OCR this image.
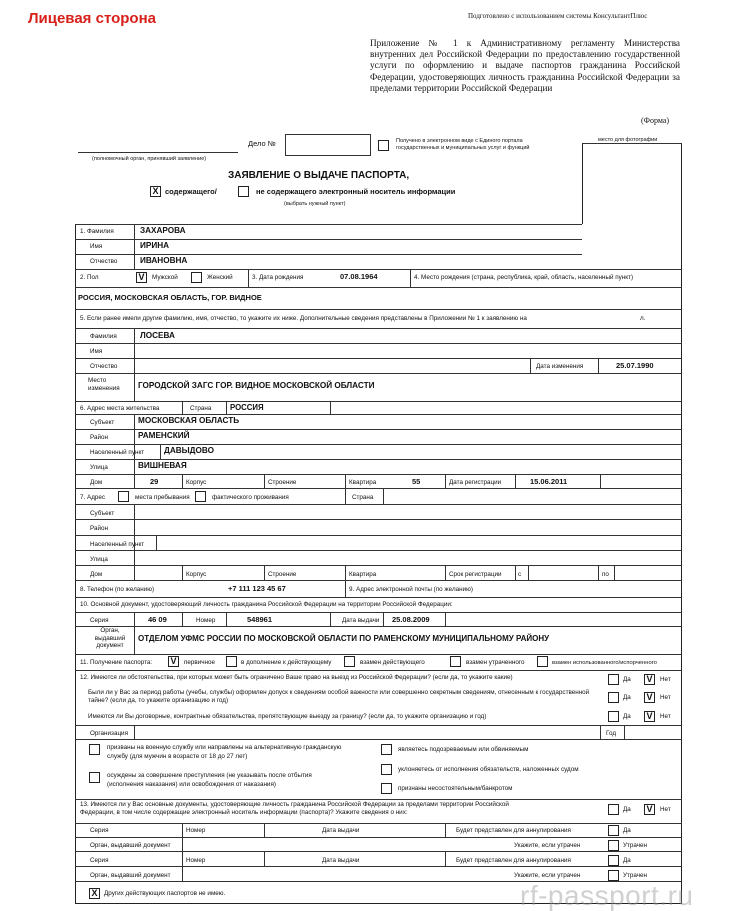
Лицевая сторона	Подготовлено с использованием системы КонсультантПлюс
Приложение № 1 к Административному регламенту Министерства внутренних дел Российской Федерации по предоставлению государственной услуги по оформлению и выдаче паспортов гражданина Российской Федерации, удостоверяющих личность гражданина Российской Федерации за пределами территории Российской Федерации
(Форма)
(полномочный орган, принявший заявление)
Дело №	Получено в электронном виде с Единого портала государственных и муниципальных услуг и функций
место для фотографии
ЗАЯВЛЕНИЕ О ВЫДАЧЕ ПАСПОРТА,
X содержащего/	не содержащего электронный носитель информации
(выбрать нужный пункт)
1. Фамилия	ЗАХАРОВА
Имя	ИРИНА
Отчество	ИВАНОВНА
2. Пол	V	Мужской	Женский	3. Дата рождения	07.08.1964	4. Место рождения (страна, республика, край, область, населенный пункт)
РОССИЯ, МОСКОВСКАЯ ОБЛАСТЬ, ГОР. ВИДНОЕ
5. Если ранее имели другие фамилию, имя, отчество, то укажите их ниже. Дополнительные сведения представлены в Приложении № 1 к заявлению на	л.
Фамилия	ЛОСЕВА
Имя
Отчество	Дата изменения	25.07.1990
Место изменения	ГОРОДСКОЙ ЗАГС ГОР. ВИДНОЕ МОСКОВСКОЙ ОБЛАСТИ
6. Адрес места жительства	Страна РОССИЯ
Субъект	МОСКОВСКАЯ ОБЛАСТЬ
Район	РАМЕНСКИЙ
Населенный пункт ДАВЫДОВО
Улица	ВИШНЕВАЯ
Дом	29	Корпус	Строение	Квартира	55	Дата регистрации	15.06.2011
7. Адрес	места пребывания	фактического проживания	Страна
Субъект
Район
Населенный пункт
Улица
Дом	Корпус	Строение	Квартира	Срок регистрации	с	по
8. Телефон (по желанию)	+7 111 123 45 67	9. Адрес электронной почты (по желанию)
10. Основной документ, удостоверяющий личность гражданина Российской Федерации на территории Российской Федерации:
Серия	46 09	Номер	548961	Дата выдачи 25.08.2009
Орган, выдавший документ
ОТДЕЛОМ УФМС РОССИИ ПО МОСКОВСКОЙ ОБЛАСТИ ПО РАМЕНСКОМУ МУНИЦИПАЛЬНОМУ РАЙОНУ
11. Получение паспорта: V	первичное	в дополнение к действующему	взамен действующего	взамен утраченного	взамен использованного/испорченного
12. Имеются ли обстоятельства, при которых может быть ограничено Ваше право на выезд из Российской Федерации? (если да, то укажите какие)	Да V	Нет
Были ли у Вас за период работы (учебы, службы) оформлен допуск к сведениям особой важности или совершенно секретным сведениям, отнесенным к государственной тайне? (если да, то укажите организацию и год)	Да V	Нет
Имеются ли Вы договорные, контрактные обязательства, препятствующие выезду за границу? (если да, то укажите организацию и год)	Да V	Нет
Организация	Год
призваны на военную службу или направлены на альтернативную гражданскую службу (для мужчин в возрасте от 18 до 27 лет)
осуждены за совершение преступления (не указывать после отбытия (исполнения наказания) или освобождения от наказания)
являетесь подозреваемым или обвиняемым
уклоняетесь от исполнения обязательств, наложенных судом
признаны несостоятельным/банкротом
13. Имеются ли у Вас основные документы, удостоверяющие личность гражданина Российской Федерации за пределами территории Российской Федерации, в том числе содержащие электронный носитель информации (паспорта)? Укажите сведения о них:	Да V	Нет
Серия	Номер	Дата выдачи	Будет представлен для аннулирования	Да
Орган, выдавший документ	Укажите, если утрачен	Утрачен
Серия	Номер	Дата выдачи	Будет представлен для аннулирования	Да
Орган, выдавший документ	Укажите, если утрачен	Утрачен
X	Других действующих паспортов не имею.	rf-passport.ru
